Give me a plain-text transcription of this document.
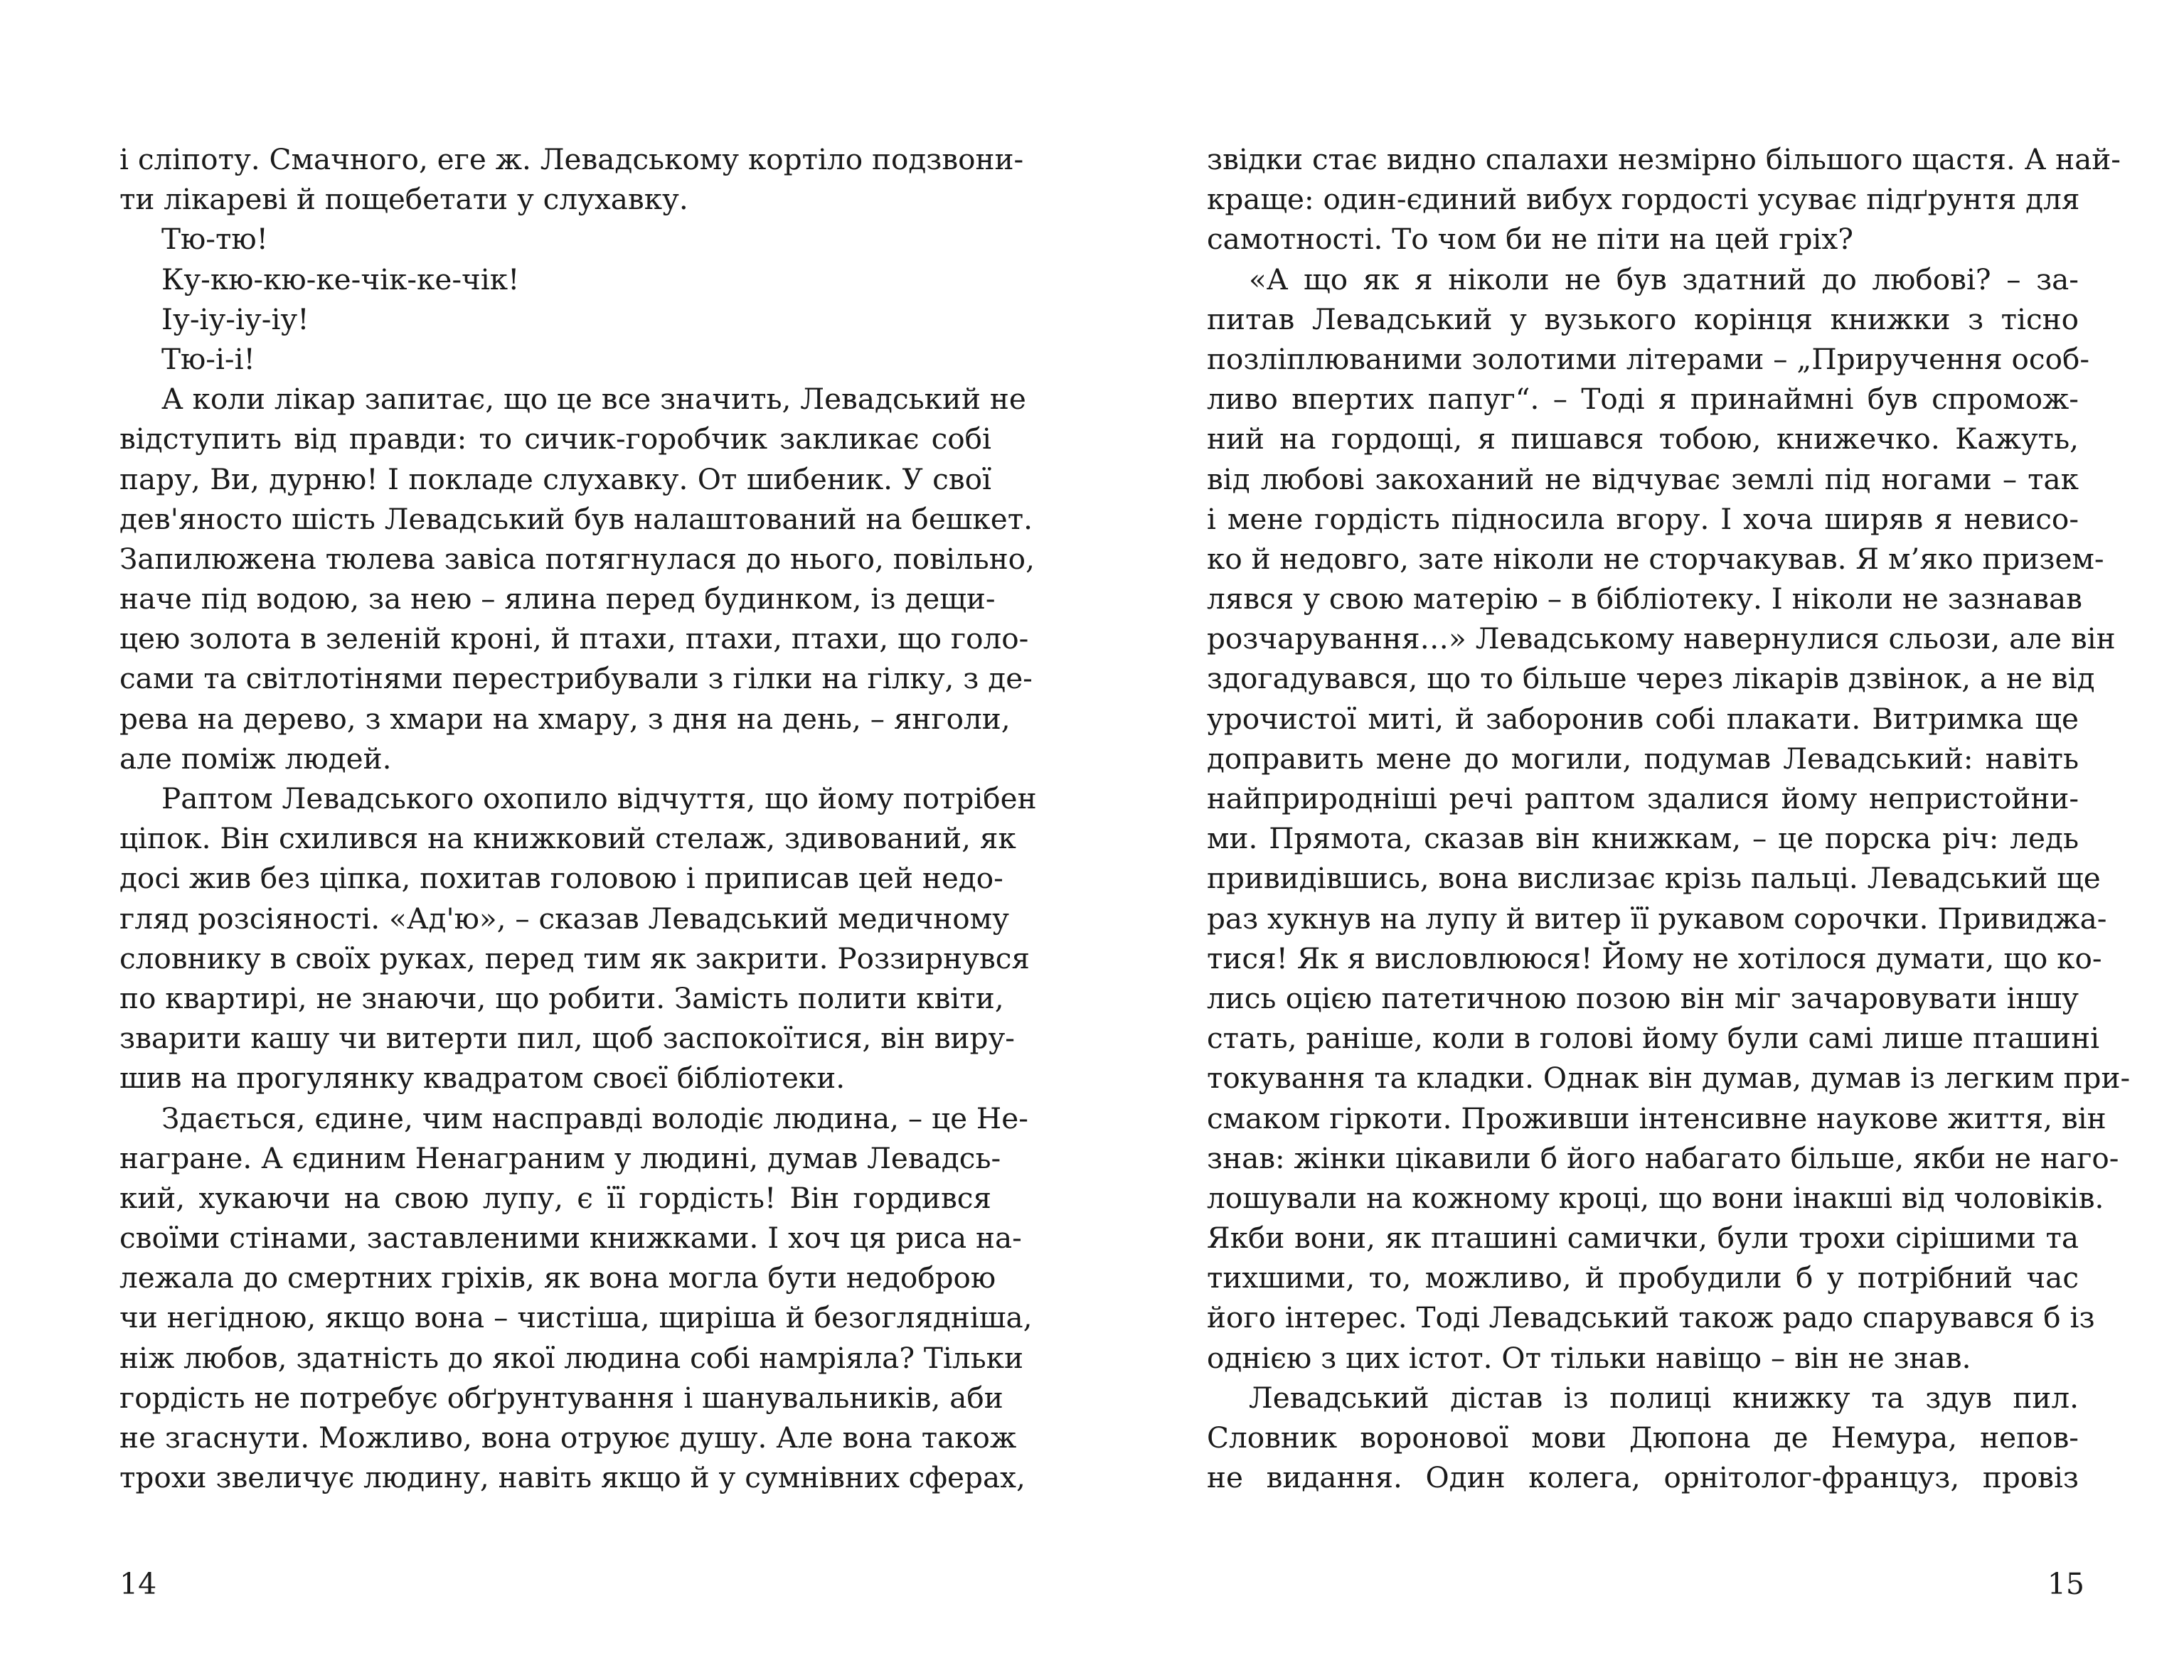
і сліпоту. Смачного, еге ж. Левадському кортіло подзвони-
ти лікареві й пощебетати у слухавку.
Тю-тю!
Ку-кю-кю-ке-чік-ке-чік!
Іу-іу-іу-іу!
Тю-і-і!
А коли лікар запитає, що це все значить, Левадський не
відступить від правди: то сичик-горобчик закликає собі
пару, Ви, дурню! І покладе слухавку. От шибеник. У свої
дев'яносто шість Левадський був налаштований на бешкет.
Запилюжена тюлева завіса потягнулася до нього, повільно,
наче під водою, за нею – ялина перед будинком, із дещи-
цею золота в зеленій кроні, й птахи, птахи, птахи, що голо-
сами та світлотінями перестрибували з гілки на гілку, з де-
рева на дерево, з хмари на хмару, з дня на день, – янголи,
але поміж людей.
Раптом Левадського охопило відчуття, що йому потрібен
ціпок. Він схилився на книжковий стелаж, здивований, як
досі жив без ціпка, похитав головою і приписав цей недо-
гляд розсіяності. «Ад'ю», – сказав Левадський медичному
словнику в своїх руках, перед тим як закрити. Роззирнувся
по квартирі, не знаючи, що робити. Замість полити квіти,
зварити кашу чи витерти пил, щоб заспокоїтися, він виру-
шив на прогулянку квадратом своєї бібліотеки.
Здається, єдине, чим насправді володіє людина, – це Не-
награне. А єдиним Ненаграним у людині, думав Левадсь-
кий, хукаючи на свою лупу, є її гордість! Він гордився
своїми стінами, заставленими книжками. І хоч ця риса на-
лежала до смертних гріхів, як вона могла бути недоброю
чи негідною, якщо вона – чистіша, щиріша й безоглядніша,
ніж любов, здатність до якої людина собі намріяла? Тільки
гордість не потребує обґрунтування і шанувальників, аби
не згаснути. Можливо, вона отруює душу. Але вона також
трохи звеличує людину, навіть якщо й у сумнівних сферах,
14
звідки стає видно спалахи незмірно більшого щастя. А най-
краще: один-єдиний вибух гордості усуває підґрунтя для
самотності. То чом би не піти на цей гріх?
«А що як я ніколи не був здатний до любові? – за-
питав Левадський у вузького корінця книжки з тісно
позліплюваними золотими літерами – „Приручення особ-
ливо впертих папуг“. – Тоді я принаймні був спромож-
ний на гордощі, я пишався тобою, книжечко. Кажуть,
від любові закоханий не відчуває землі під ногами – так
і мене гордість підносила вгору. І хоча ширяв я невисо-
ко й недовго, зате ніколи не сторчакував. Я м’яко призем-
лявся у свою матерію – в бібліотеку. І ніколи не зазнавав
розчарування…» Левадському навернулися сльози, але він
здогадувався, що то більше через лікарів дзвінок, а не від
урочистої миті, й заборонив собі плакати. Витримка ще
доправить мене до могили, подумав Левадський: навіть
найприродніші речі раптом здалися йому непристойни-
ми. Прямота, сказав він книжкам, – це порска річ: ледь
привидівшись, вона вислизає крізь пальці. Левадський ще
раз хукнув на лупу й витер її рукавом сорочки. Привиджа-
тися! Як я висловлююся! Йому не хотілося думати, що ко-
лись оцією патетичною позою він міг зачаровувати іншу
стать, раніше, коли в голові йому були самі лише пташині
токування та кладки. Однак він думав, думав із легким при-
смаком гіркоти. Проживши інтенсивне наукове життя, він
знав: жінки цікавили б його набагато більше, якби не наго-
лошували на кожному кроці, що вони інакші від чоловіків.
Якби вони, як пташині самички, були трохи сірішими та
тихшими, то, можливо, й пробудили б у потрібний час
його інтерес. Тоді Левадський також радо спарувався б із
однією з цих істот. От тільки навіщо – він не знав.
Левадський дістав із полиці книжку та здув пил.
Словник воронової мови Дюпона де Немура, непов-
не видання. Один колега, орнітолог-француз, провіз
15
